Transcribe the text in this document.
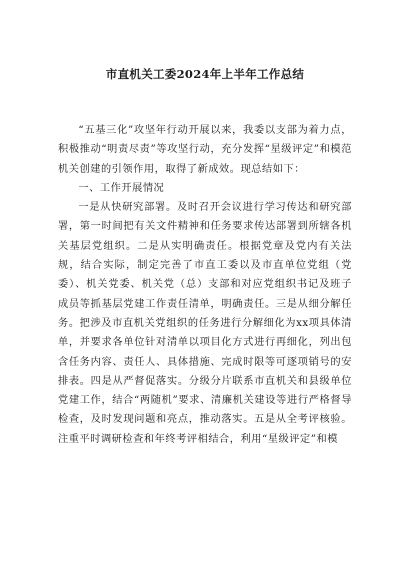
市直机关工委2024年上半年工作总结

“五基三化”攻坚年行动开展以来，我委以支部为着力点，积极推动“明责尽责”等攻坚行动，充分发挥“星级评定”和模范机关创建的引领作用，取得了新成效。现总结如下：

一、工作开展情况

一是从快研究部署。及时召开会议进行学习传达和研究部署，第一时间把有关文件精神和任务要求传达部署到所辖各机关基层党组织。二是从实明确责任。根据党章及党内有关法规，结合实际，制定完善了市直工委以及市直单位党组（党委）、机关党委、机关党（总）支部和对应党组织书记及班子成员等抓基层党建工作责任清单，明确责任。三是从细分解任务。把涉及市直机关党组织的任务进行分解细化为xx项具体清单，并要求各单位针对清单以项目化方式进行再细化，列出包含任务内容、责任人、具体措施、完成时限等可逐项销号的安排表。四是从严督促落实。分级分片联系市直机关和县级单位党建工作，结合“两随机”要求、清廉机关建设等进行严格督导检查，及时发现问题和亮点，推动落实。五是从全考评核验。注重平时调研检查和年终考评相结合，利用“星级评定”和模
